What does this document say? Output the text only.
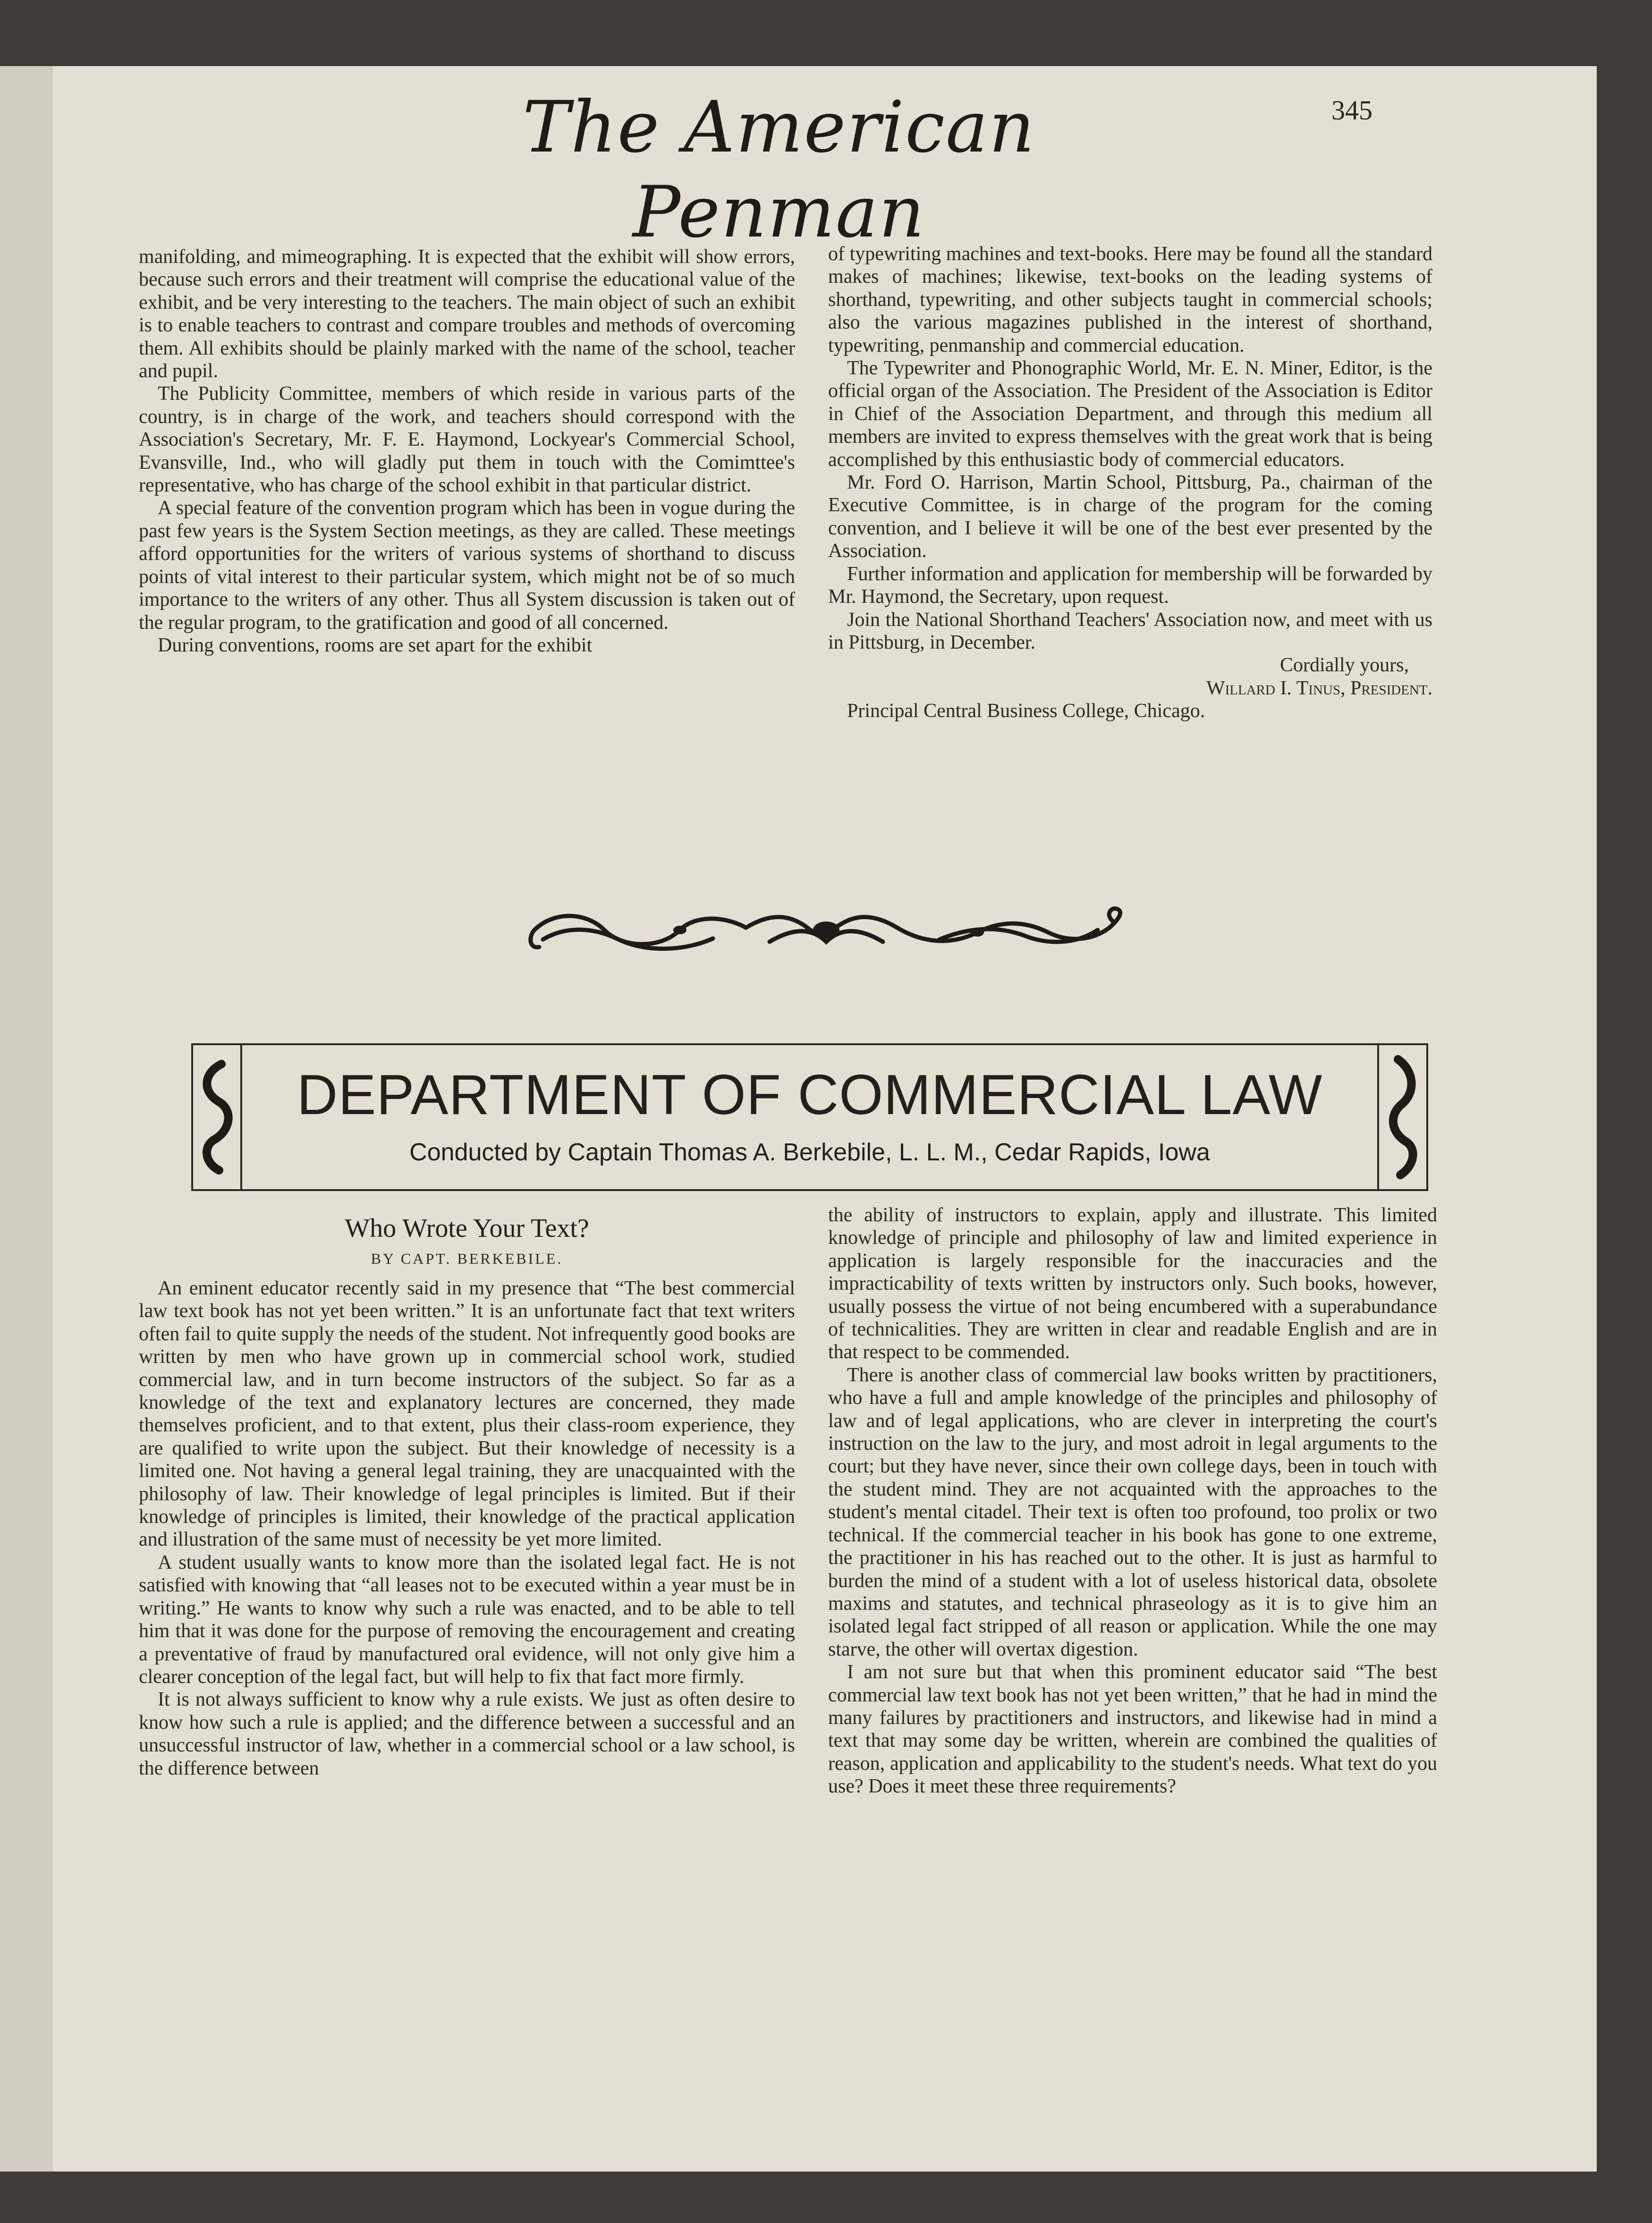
The American Penman
345

manifolding, and mimeographing. It is expected that the exhibit will show errors, because such errors and their treatment will comprise the educational value of the exhibit, and be very interesting to the teachers. The main object of such an exhibit is to enable teachers to contrast and compare troubles and methods of overcoming them. All exhibits should be plainly marked with the name of the school, teacher and pupil.

The Publicity Committee, members of which reside in various parts of the country, is in charge of the work, and teachers should correspond with the Association's Secretary, Mr. F. E. Haymond, Lockyear's Commercial School, Evansville, Ind., who will gladly put them in touch with the Comimttee's representative, who has charge of the school exhibit in that particular district.

A special feature of the convention program which has been in vogue during the past few years is the System Section meetings, as they are called. These meetings afford opportunities for the writers of various systems of shorthand to discuss points of vital interest to their particular system, which might not be of so much importance to the writers of any other. Thus all System discussion is taken out of the regular program, to the gratification and good of all concerned.

During conventions, rooms are set apart for the exhibit

of typewriting machines and text-books. Here may be found all the standard makes of machines; likewise, text-books on the leading systems of shorthand, typewriting, and other subjects taught in commercial schools; also the various magazines published in the interest of shorthand, typewriting, penmanship and commercial education.

The Typewriter and Phonographic World, Mr. E. N. Miner, Editor, is the official organ of the Association. The President of the Association is Editor in Chief of the Association Department, and through this medium all members are invited to express themselves with the great work that is being accomplished by this enthusiastic body of commercial educators.

Mr. Ford O. Harrison, Martin School, Pittsburg, Pa., chairman of the Executive Committee, is in charge of the program for the coming convention, and I believe it will be one of the best ever presented by the Association.

Further information and application for membership will be forwarded by Mr. Haymond, the Secretary, upon request.

Join the National Shorthand Teachers' Association now, and meet with us in Pittsburg, in December.

Cordially yours,

Willard I. Tinus, President.

Principal Central Business College, Chicago.

DEPARTMENT OF COMMERCIAL LAW
Conducted by Captain Thomas A. Berkebile, L. L. M., Cedar Rapids, Iowa
Who Wrote Your Text?
BY CAPT. BERKEBILE.

An eminent educator recently said in my presence that “The best commercial law text book has not yet been written.” It is an unfortunate fact that text writers often fail to quite supply the needs of the student. Not infrequently good books are written by men who have grown up in commercial school work, studied commercial law, and in turn become instructors of the subject. So far as a knowledge of the text and explanatory lectures are concerned, they made themselves proficient, and to that extent, plus their class-room experience, they are qualified to write upon the subject. But their knowledge of necessity is a limited one. Not having a general legal training, they are unacquainted with the philosophy of law. Their knowledge of legal principles is limited. But if their knowledge of principles is limited, their knowledge of the practical application and illustration of the same must of necessity be yet more limited.

A student usually wants to know more than the isolated legal fact. He is not satisfied with knowing that “all leases not to be executed within a year must be in writing.” He wants to know why such a rule was enacted, and to be able to tell him that it was done for the purpose of removing the encouragement and creating a preventative of fraud by manufactured oral evidence, will not only give him a clearer conception of the legal fact, but will help to fix that fact more firmly.

It is not always sufficient to know why a rule exists. We just as often desire to know how such a rule is applied; and the difference between a successful and an unsuccessful instructor of law, whether in a commercial school or a law school, is the difference between

the ability of instructors to explain, apply and illustrate. This limited knowledge of principle and philosophy of law and limited experience in application is largely responsible for the inaccuracies and the impracticability of texts written by instructors only. Such books, however, usually possess the virtue of not being encumbered with a superabundance of technicalities. They are written in clear and readable English and are in that respect to be commended.

There is another class of commercial law books written by practitioners, who have a full and ample knowledge of the principles and philosophy of law and of legal applications, who are clever in interpreting the court's instruction on the law to the jury, and most adroit in legal arguments to the court; but they have never, since their own college days, been in touch with the student mind. They are not acquainted with the approaches to the student's mental citadel. Their text is often too profound, too prolix or two technical. If the commercial teacher in his book has gone to one extreme, the practitioner in his has reached out to the other. It is just as harmful to burden the mind of a student with a lot of useless historical data, obsolete maxims and statutes, and technical phraseology as it is to give him an isolated legal fact stripped of all reason or application. While the one may starve, the other will overtax digestion.

I am not sure but that when this prominent educator said “The best commercial law text book has not yet been written,” that he had in mind the many failures by practitioners and instructors, and likewise had in mind a text that may some day be written, wherein are combined the qualities of reason, application and applicability to the student's needs. What text do you use? Does it meet these three requirements?
